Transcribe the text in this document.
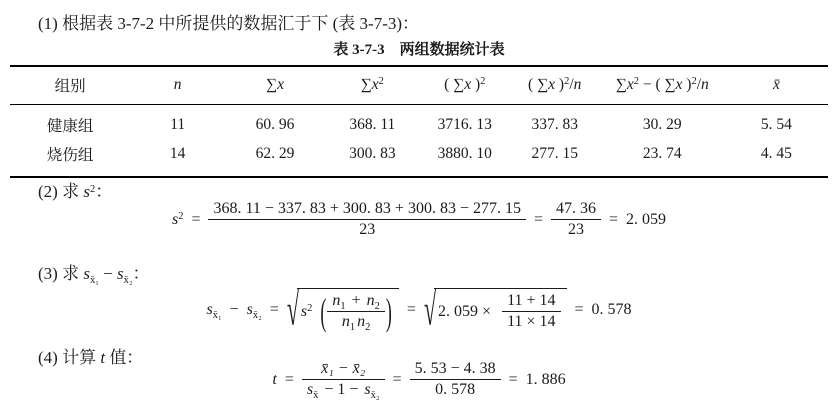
(1) 根据表 3-7-2 中所提供的数据汇于下 (表 3-7-3)：
表 3-7-3　两组数据统计表
组别	n	∑x	$\sum x^2$	( ∑x )$^2$	( ∑x )$^2$/n	$\sum x^2$ − ( ∑x )$^2$/n	x̄
健康组	11	60. 96	368. 11	3716. 13	337. 83	30. 29	5. 54
烧伤组	14	62. 29	300. 83	3880. 10	277. 15	23. 74	4. 45
(2) 求 $s^2$：
$s^2 = \frac{368. 11 - 337. 83 + 300. 83 + 300. 83 - 277. 15}{23} = \frac{47. 36}{23} = 2$. 059
(3) 求 $s_{x̄_1} - s_{x̄_2}$：
$s_{x̄_1} - s_{x̄_2}$ = √ $s^2$ ( $\frac{n_1 + n_2}{n_1 n_2}$ ) = √ 2. $059 \times \frac{11 + 14}{11 \times 14} = 0$. 578
(4) 计算 t 值：
$t = \frac{\text{x̄₁ − x̄₂}}{s_{x̄} - 1 - s_{x̄_2}} = \frac{5. 53 - 4. 38}{0. 578} = 1$. 886
